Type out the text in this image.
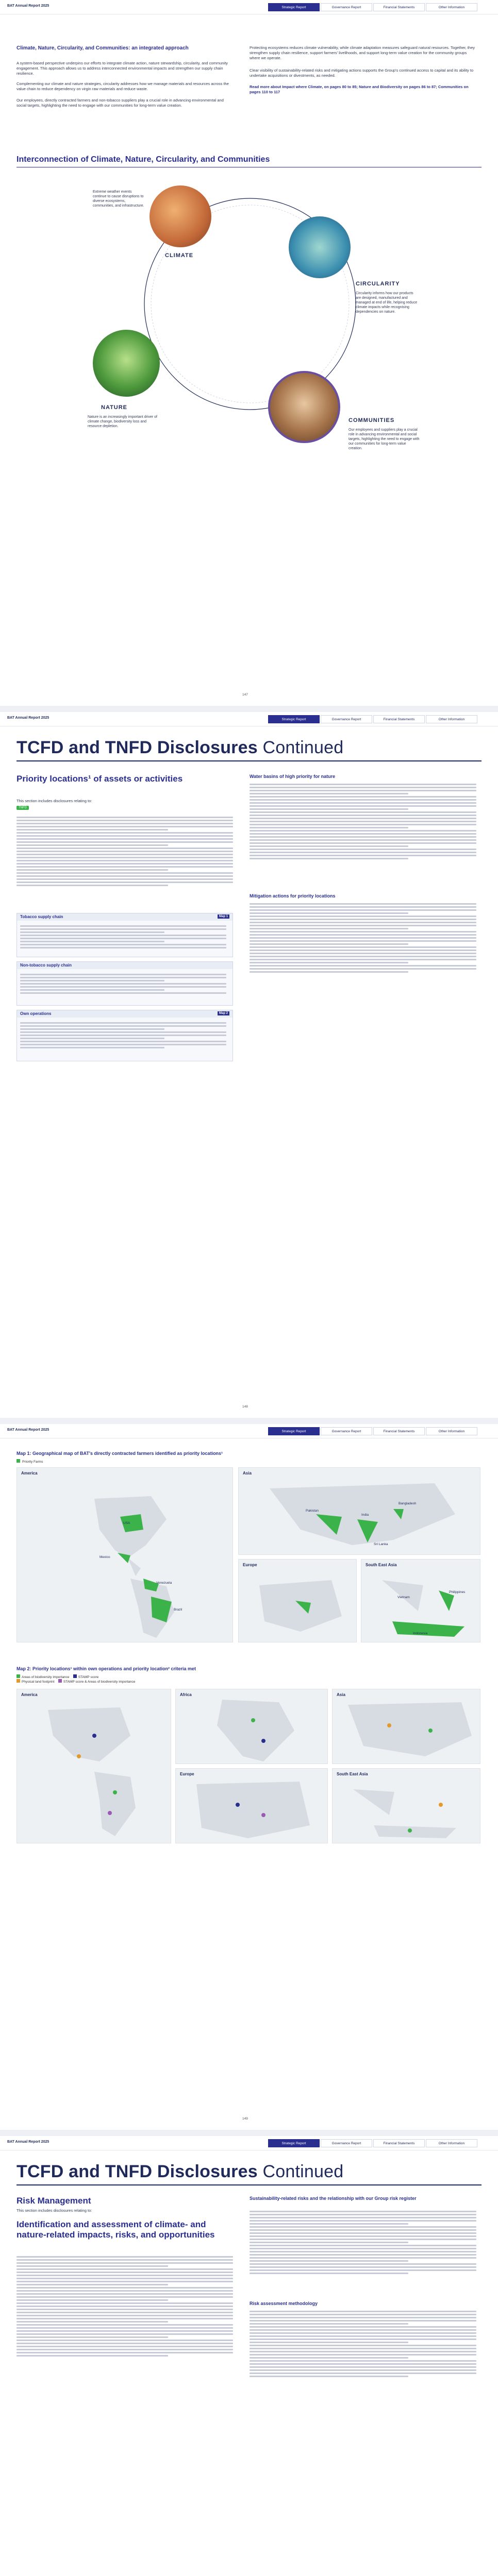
BAT Annual Report 2025	Strategic Report	Governance Report	Financial Statements	Other Information
Climate, Nature, Circularity, and Communities: an integrated approach

A system-based perspective underpins our efforts to integrate climate action, nature stewardship, circularity, and community engagement. This approach allows us to address interconnected environmental impacts and strengthen our supply chain resilience.

Complementing our climate and nature strategies, circularity addresses how we manage materials and resources across the value chain to reduce dependency on virgin raw materials and reduce waste.

Our employees, directly contracted farmers and non-tobacco suppliers play a crucial role in advancing environmental and social targets, highlighting the need to engage with our communities for long-term value creation.

Protecting ecosystems reduces climate vulnerability, while climate adaptation measures safeguard natural resources. Together, they strengthen supply chain resilience, support farmers' livelihoods, and support long-term value creation for the community groups where we operate.

Clear visibility of sustainability-related risks and mitigating actions supports the Group's continued access to capital and its ability to undertake acquisitions or divestments, as needed.

Read more about Impact where Climate, on pages 80 to 85; Nature and Biodiversity on pages 86 to 87; Communities on pages 110 to 117

Interconnection of Climate, Nature, Circularity, and Communities
CLIMATE

Extreme weather events continue to cause disruptions to diverse ecosystems, communities, and infrastructure.

CIRCULARITY

Circularity informs how our products are designed, manufactured and managed at end of life, helping reduce climate impacts while recognising dependencies on nature.

NATURE

Nature is an increasingly important driver of climate change, biodiversity loss and resource depletion.

COMMUNITIES

Our employees and suppliers play a crucial role in advancing environmental and social targets, highlighting the need to engage with our communities for long-term value creation.

147
BAT Annual Report 2025	Strategic Report	Governance Report	Financial Statements	Other Information
TCFD and TNFD Disclosures Continued
Priority locations¹ of assets or activities

This section includes disclosures relating to:

TNFD
Tobacco supply chain	Map 1
Non-tobacco supply chain
Own operations	Map 2
Water basins of high priority for nature
Mitigation actions for priority locations
148
BAT Annual Report 2025	Strategic Report	Governance Report	Financial Statements	Other Information
Map 1: Geographical map of BAT's directly contracted farmers identified as priority locations¹
Priority Farms
America
USA
Mexico
Venezuela
Brazil
Asia
Bangladesh
Pakistan
Sri Lanka
India
Europe	South East Asia
Indonesia
Philippines
Vietnam
Map 2: Priority locations¹ within own operations and priority location² criteria met
Areas of biodiversity importance	STAMP score
Physical land footprint	STAMP score & Areas of biodiversity importance
America	Africa	Asia
Europe	South East Asia
149
BAT Annual Report 2025	Strategic Report	Governance Report	Financial Statements	Other Information
TCFD and TNFD Disclosures Continued
Risk Management

This section includes disclosures relating to:

Identification and assessment of climate- and nature-related impacts, risks, and opportunities
Sustainability-related risks and the relationship with our Group risk register
Risk assessment methodology
